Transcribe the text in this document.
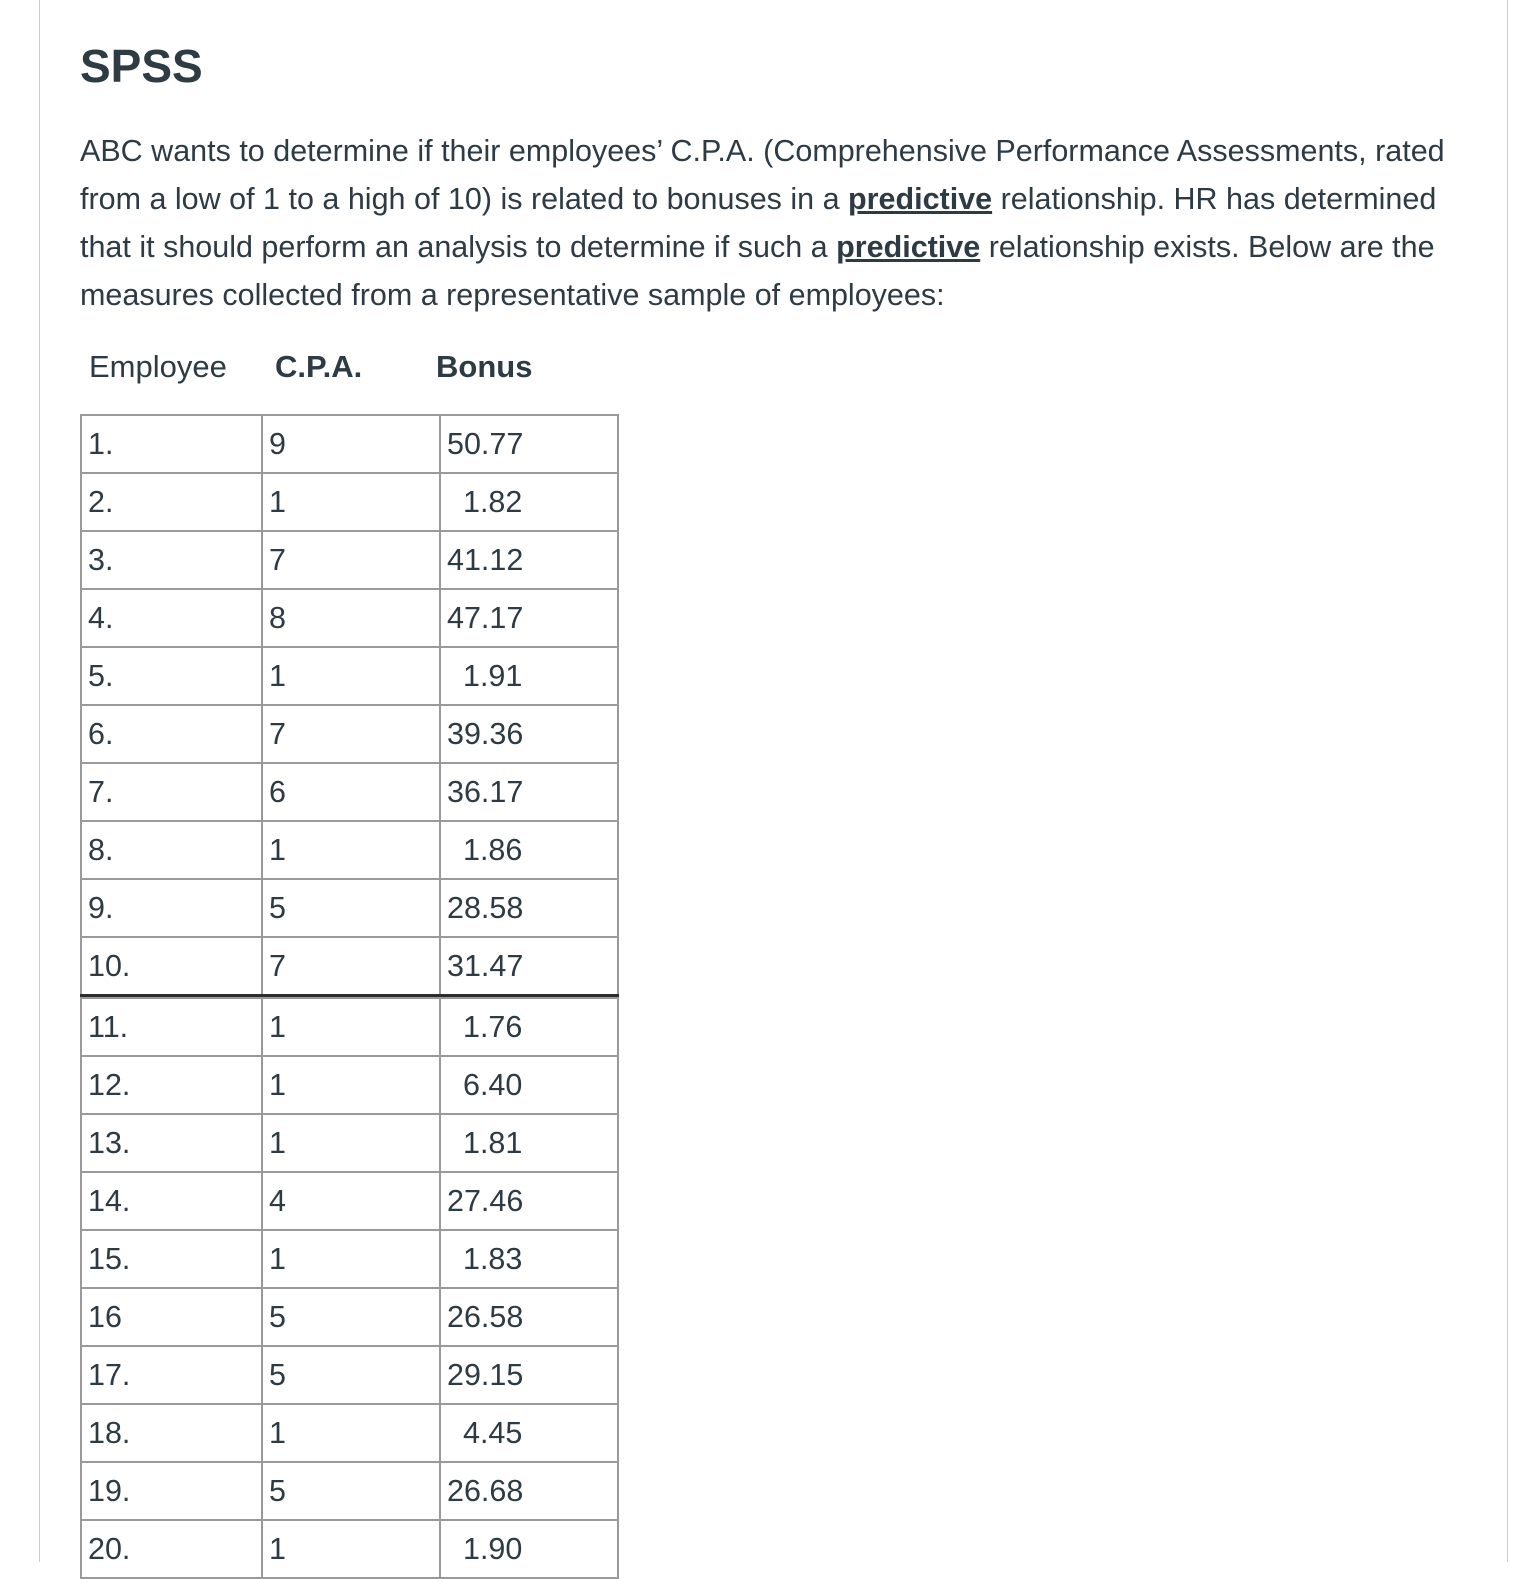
SPSS

ABC wants to determine if their employees’ C.P.A. (Comprehensive Performance Assessments, rated from a low of 1 to a high of 10) is related to bonuses in a predictive relationship. HR has determined that it should perform an analysis to determine if such a predictive relationship exists. Below are the measures collected from a representative sample of employees:

Employee C.P.A. Bonus
1.	9	50.77
2.	1	1.82
3.	7	41.12
4.	8	47.17
5.	1	1.91
6.	7	39.36
7.	6	36.17
8.	1	1.86
9.	5	28.58
10.	7	31.47
11.	1	1.76
12.	1	6.40
13.	1	1.81
14.	4	27.46
15.	1	1.83
16	5	26.58
17.	5	29.15
18.	1	4.45
19.	5	26.68
20.	1	1.90
